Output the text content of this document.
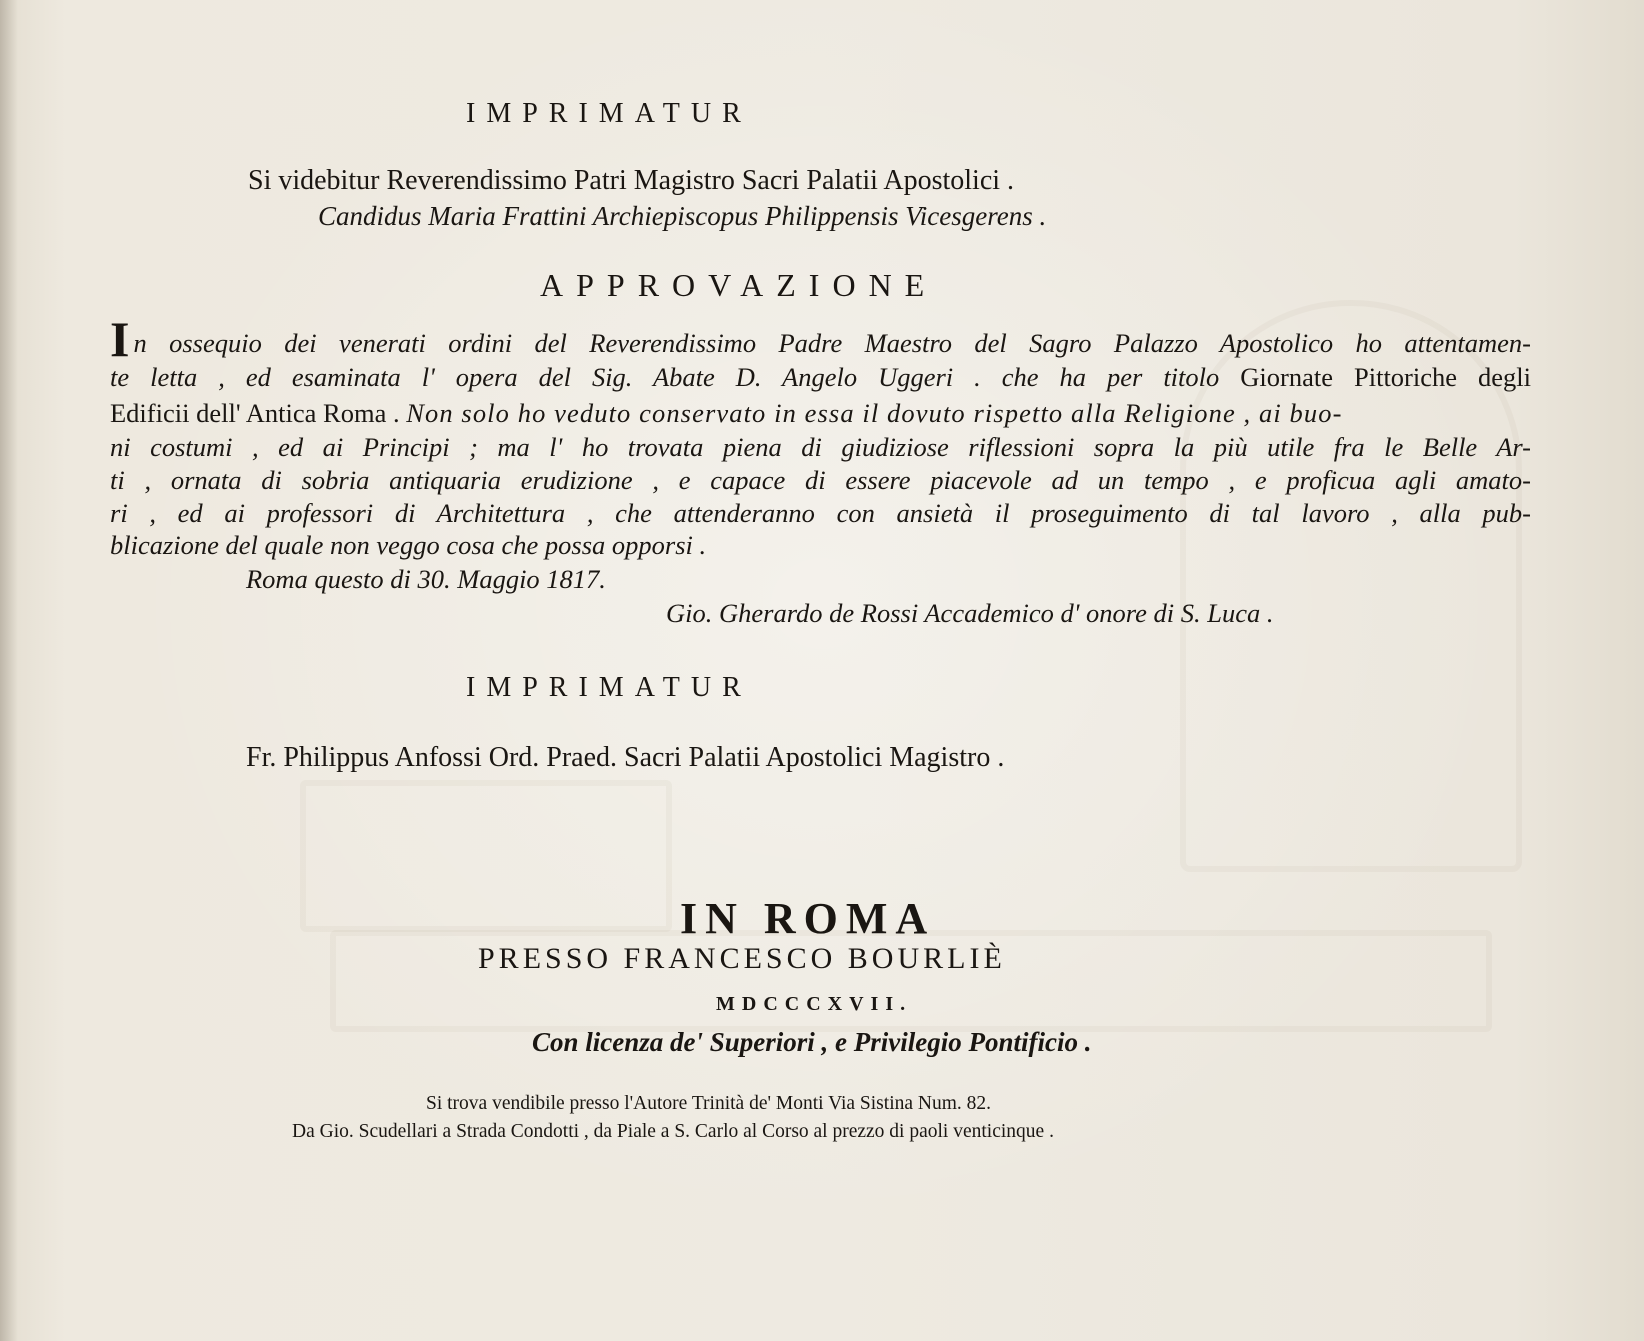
IMPRIMATUR
Si videbitur Reverendissimo Patri Magistro Sacri Palatii Apostolici .
Candidus Maria Frattini Archiepiscopus Philippensis Vicesgerens .
APPROVAZIONE
In ossequio dei venerati ordini del Reverendissimo Padre Maestro del Sagro Palazzo Apostolico ho attentamen-
te letta , ed esaminata l' opera del Sig. Abate D. Angelo Uggeri . che ha per titolo Giornate Pittoriche degli
Edificii dell' Antica Roma . Non solo ho veduto conservato in essa il dovuto rispetto alla Religione , ai buo-
ni costumi , ed ai Principi ; ma l' ho trovata piena di giudiziose riflessioni sopra la più utile fra le Belle Ar-
ti , ornata di sobria antiquaria erudizione , e capace di essere piacevole ad un tempo , e proficua agli amato-
ri , ed ai professori di Architettura , che attenderanno con ansietà il proseguimento di tal lavoro , alla pub-
blicazione del quale non veggo cosa che possa opporsi .
Roma questo di 30. Maggio 1817.
Gio. Gherardo de Rossi Accademico d' onore di S. Luca .
IMPRIMATUR
Fr. Philippus Anfossi Ord. Praed. Sacri Palatii Apostolici Magistro .
IN ROMA
PRESSO FRANCESCO BOURLIÈ
MDCCCXVII.
Con licenza de' Superiori , e Privilegio Pontificio .
Si trova vendibile presso l'Autore Trinità de' Monti Via Sistina Num. 82.
Da Gio. Scudellari a Strada Condotti , da Piale a S. Carlo al Corso al prezzo di paoli venticinque .
